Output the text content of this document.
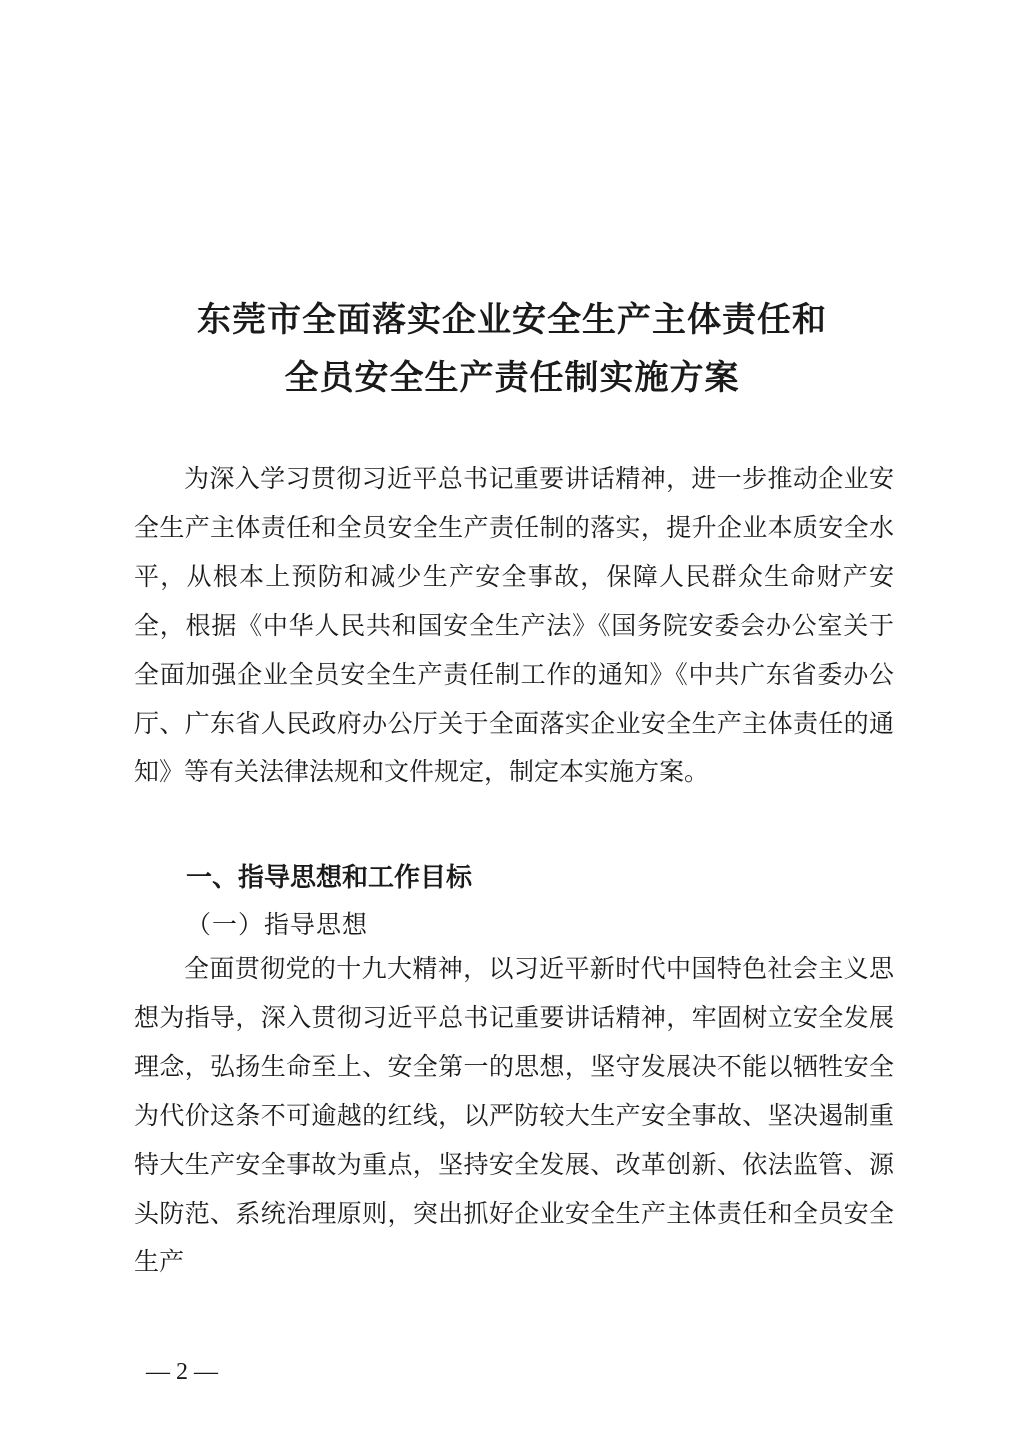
东莞市全面落实企业安全生产主体责任和
全员安全生产责任制实施方案

为深入学习贯彻习近平总书记重要讲话精神，进一步推动企业安全生产主体责任和全员安全生产责任制的落实，提升企业本质安全水平，从根本上预防和减少生产安全事故，保障人民群众生命财产安全，根据《中华人民共和国安全生产法》《国务院安委会办公室关于全面加强企业全员安全生产责任制工作的通知》《中共广东省委办公厅、广东省人民政府办公厅关于全面落实企业安全生产主体责任的通知》等有关法律法规和文件规定，制定本实施方案。

一、指导思想和工作目标
（一）指导思想

全面贯彻党的十九大精神，以习近平新时代中国特色社会主义思想为指导，深入贯彻习近平总书记重要讲话精神，牢固树立安全发展理念，弘扬生命至上、安全第一的思想，坚守发展决不能以牺牲安全为代价这条不可逾越的红线，以严防较大生产安全事故、坚决遏制重特大生产安全事故为重点，坚持安全发展、改革创新、依法监管、源头防范、系统治理原则，突出抓好企业安全生产主体责任和全员安全生产

— 2 —
